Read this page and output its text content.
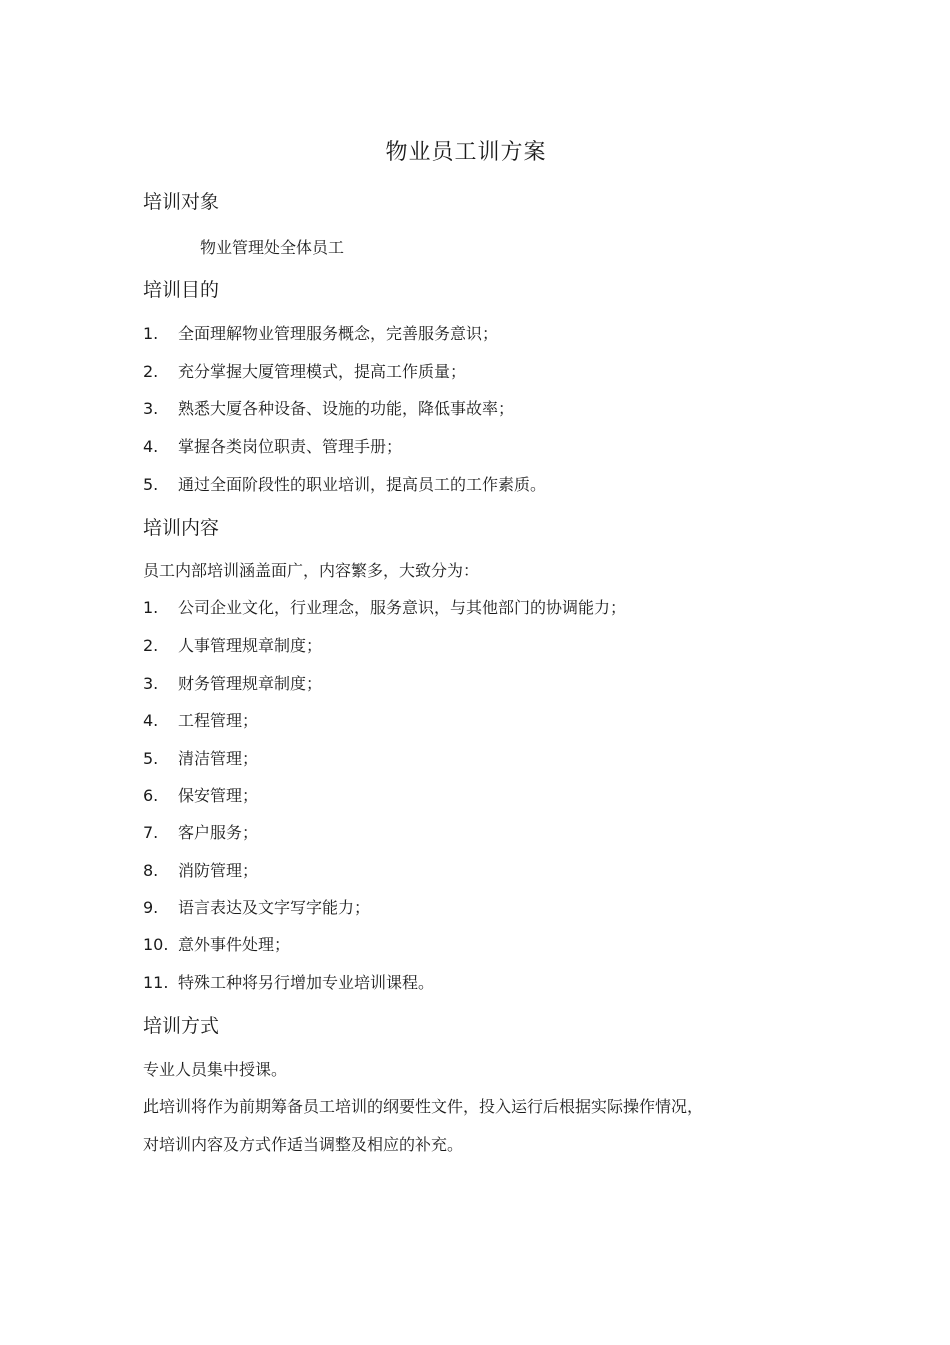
物业员工训方案
培训对象
物业管理处全体员工
培训目的
1. 全面理解物业管理服务概念，完善服务意识；
2. 充分掌握大厦管理模式，提高工作质量；
3. 熟悉大厦各种设备、设施的功能，降低事故率；
4. 掌握各类岗位职责、管理手册；
5. 通过全面阶段性的职业培训，提高员工的工作素质。
培训内容
员工内部培训涵盖面广，内容繁多，大致分为：
1. 公司企业文化，行业理念，服务意识，与其他部门的协调能力；
2. 人事管理规章制度；
3. 财务管理规章制度；
4. 工程管理；
5. 清洁管理；
6. 保安管理；
7. 客户服务；
8. 消防管理；
9. 语言表达及文字写字能力；
10. 意外事件处理；
11. 特殊工种将另行增加专业培训课程。
培训方式
专业人员集中授课。
此培训将作为前期筹备员工培训的纲要性文件，投入运行后根据实际操作情况，
对培训内容及方式作适当调整及相应的补充。
